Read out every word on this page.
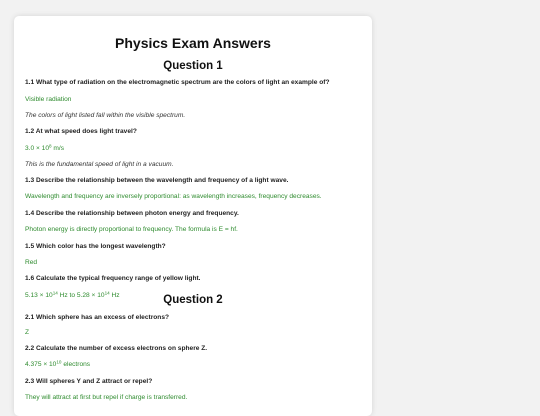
Physics Exam Answers
Question 1

1.1 What type of radiation on the electromagnetic spectrum are the colors of light an example of?

Visible radiation

The colors of light listed fall within the visible spectrum.

1.2 At what speed does light travel?

$3.0 \times 10^8$ m/s

This is the fundamental speed of light in a vacuum.

1.3 Describe the relationship between the wavelength and frequency of a light wave.

Wavelength and frequency are inversely proportional: as wavelength increases, frequency decreases.

1.4 Describe the relationship between photon energy and frequency.

Photon energy is directly proportional to frequency. The formula is E = hf.

1.5 Which color has the longest wavelength?

Red

1.6 Calculate the typical frequency range of yellow light.

$5.13 \times 10^{14}$ Hz to $5.28 \times 10^{14}$ Hz	Question 2

2.1 Which sphere has an excess of electrons?

Z

2.2 Calculate the number of excess electrons on sphere Z.

$4.375 \times 10^{10}$ electrons

2.3 Will spheres Y and Z attract or repel?

They will attract at first but repel if charge is transferred.
